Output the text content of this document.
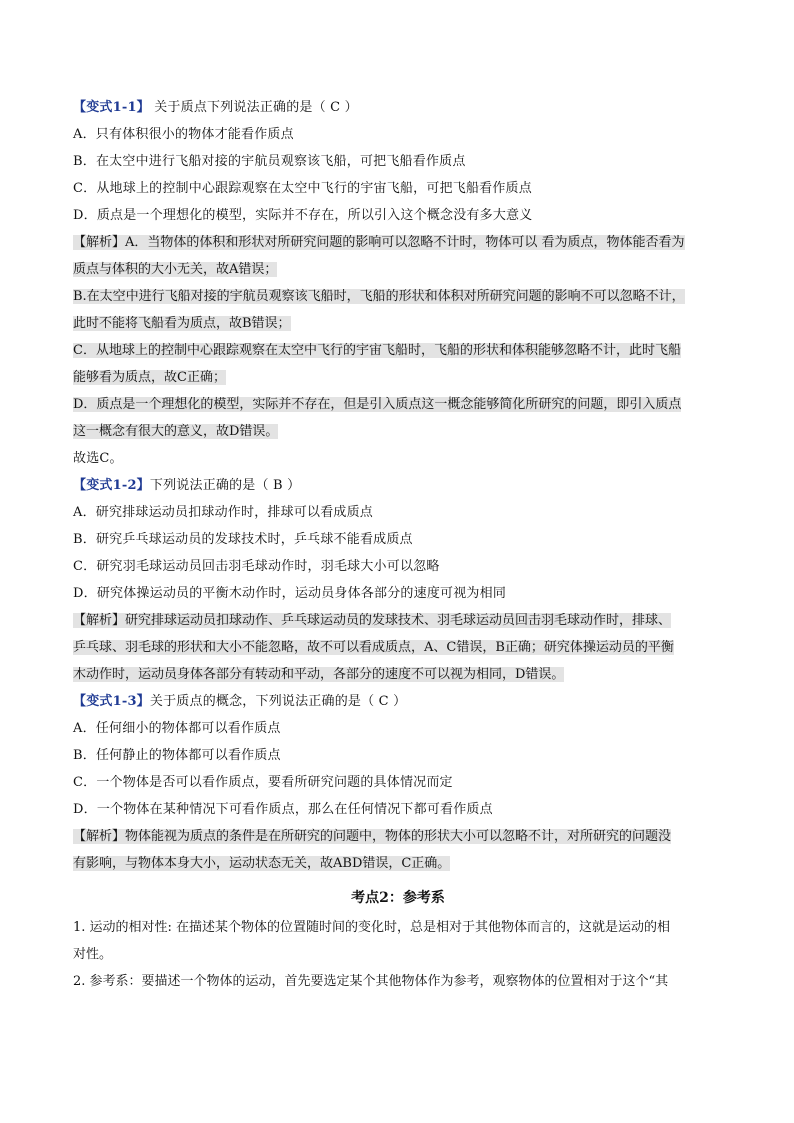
【变式1-1】 关于质点下列说法正确的是（ C ）
A．只有体积很小的物体才能看作质点
B．在太空中进行飞船对接的宇航员观察该飞船，可把飞船看作质点
C．从地球上的控制中心跟踪观察在太空中飞行的宇宙飞船，可把飞船看作质点
D．质点是一个理想化的模型，实际并不存在，所以引入这个概念没有多大意义
【解析】A．当物体的体积和形状对所研究问题的影响可以忽略不计时，物体可以 看为质点，物体能否看为
质点与体积的大小无关，故A错误；
B.在太空中进行飞船对接的宇航员观察该飞船时，飞船的形状和体积对所研究问题的影响不可以忽略不计，
此时不能将飞船看为质点，故B错误；
C．从地球上的控制中心跟踪观察在太空中飞行的宇宙飞船时，飞船的形状和体积能够忽略不计，此时飞船
能够看为质点，故C正确；
D．质点是一个理想化的模型，实际并不存在，但是引入质点这一概念能够简化所研究的问题，即引入质点
这一概念有很大的意义，故D错误。
故选C。
【变式1-2】下列说法正确的是（ B ）
A．研究排球运动员扣球动作时，排球可以看成质点
B．研究乒乓球运动员的发球技术时，乒乓球不能看成质点
C．研究羽毛球运动员回击羽毛球动作时，羽毛球大小可以忽略
D．研究体操运动员的平衡木动作时，运动员身体各部分的速度可视为相同
【解析】研究排球运动员扣球动作、乒乓球运动员的发球技术、羽毛球运动员回击羽毛球动作时，排球、
乒乓球、羽毛球的形状和大小不能忽略，故不可以看成质点，A、C错误，B正确；研究体操运动员的平衡
木动作时，运动员身体各部分有转动和平动，各部分的速度不可以视为相同，D错误。
【变式1-3】关于质点的概念，下列说法正确的是（ C ）
A．任何细小的物体都可以看作质点
B．任何静止的物体都可以看作质点
C．一个物体是否可以看作质点，要看所研究问题的具体情况而定
D．一个物体在某种情况下可看作质点，那么在任何情况下都可看作质点
【解析】物体能视为质点的条件是在所研究的问题中，物体的形状大小可以忽略不计，对所研究的问题没
有影响，与物体本身大小，运动状态无关，故ABD错误，C正确。
考点2：参考系
1. 运动的相对性: 在描述某个物体的位置随时间的变化时，总是相对于其他物体而言的，这就是运动的相
对性。
2. 参考系：要描述一个物体的运动，首先要选定某个其他物体作为参考，观察物体的位置相对于这个“其
